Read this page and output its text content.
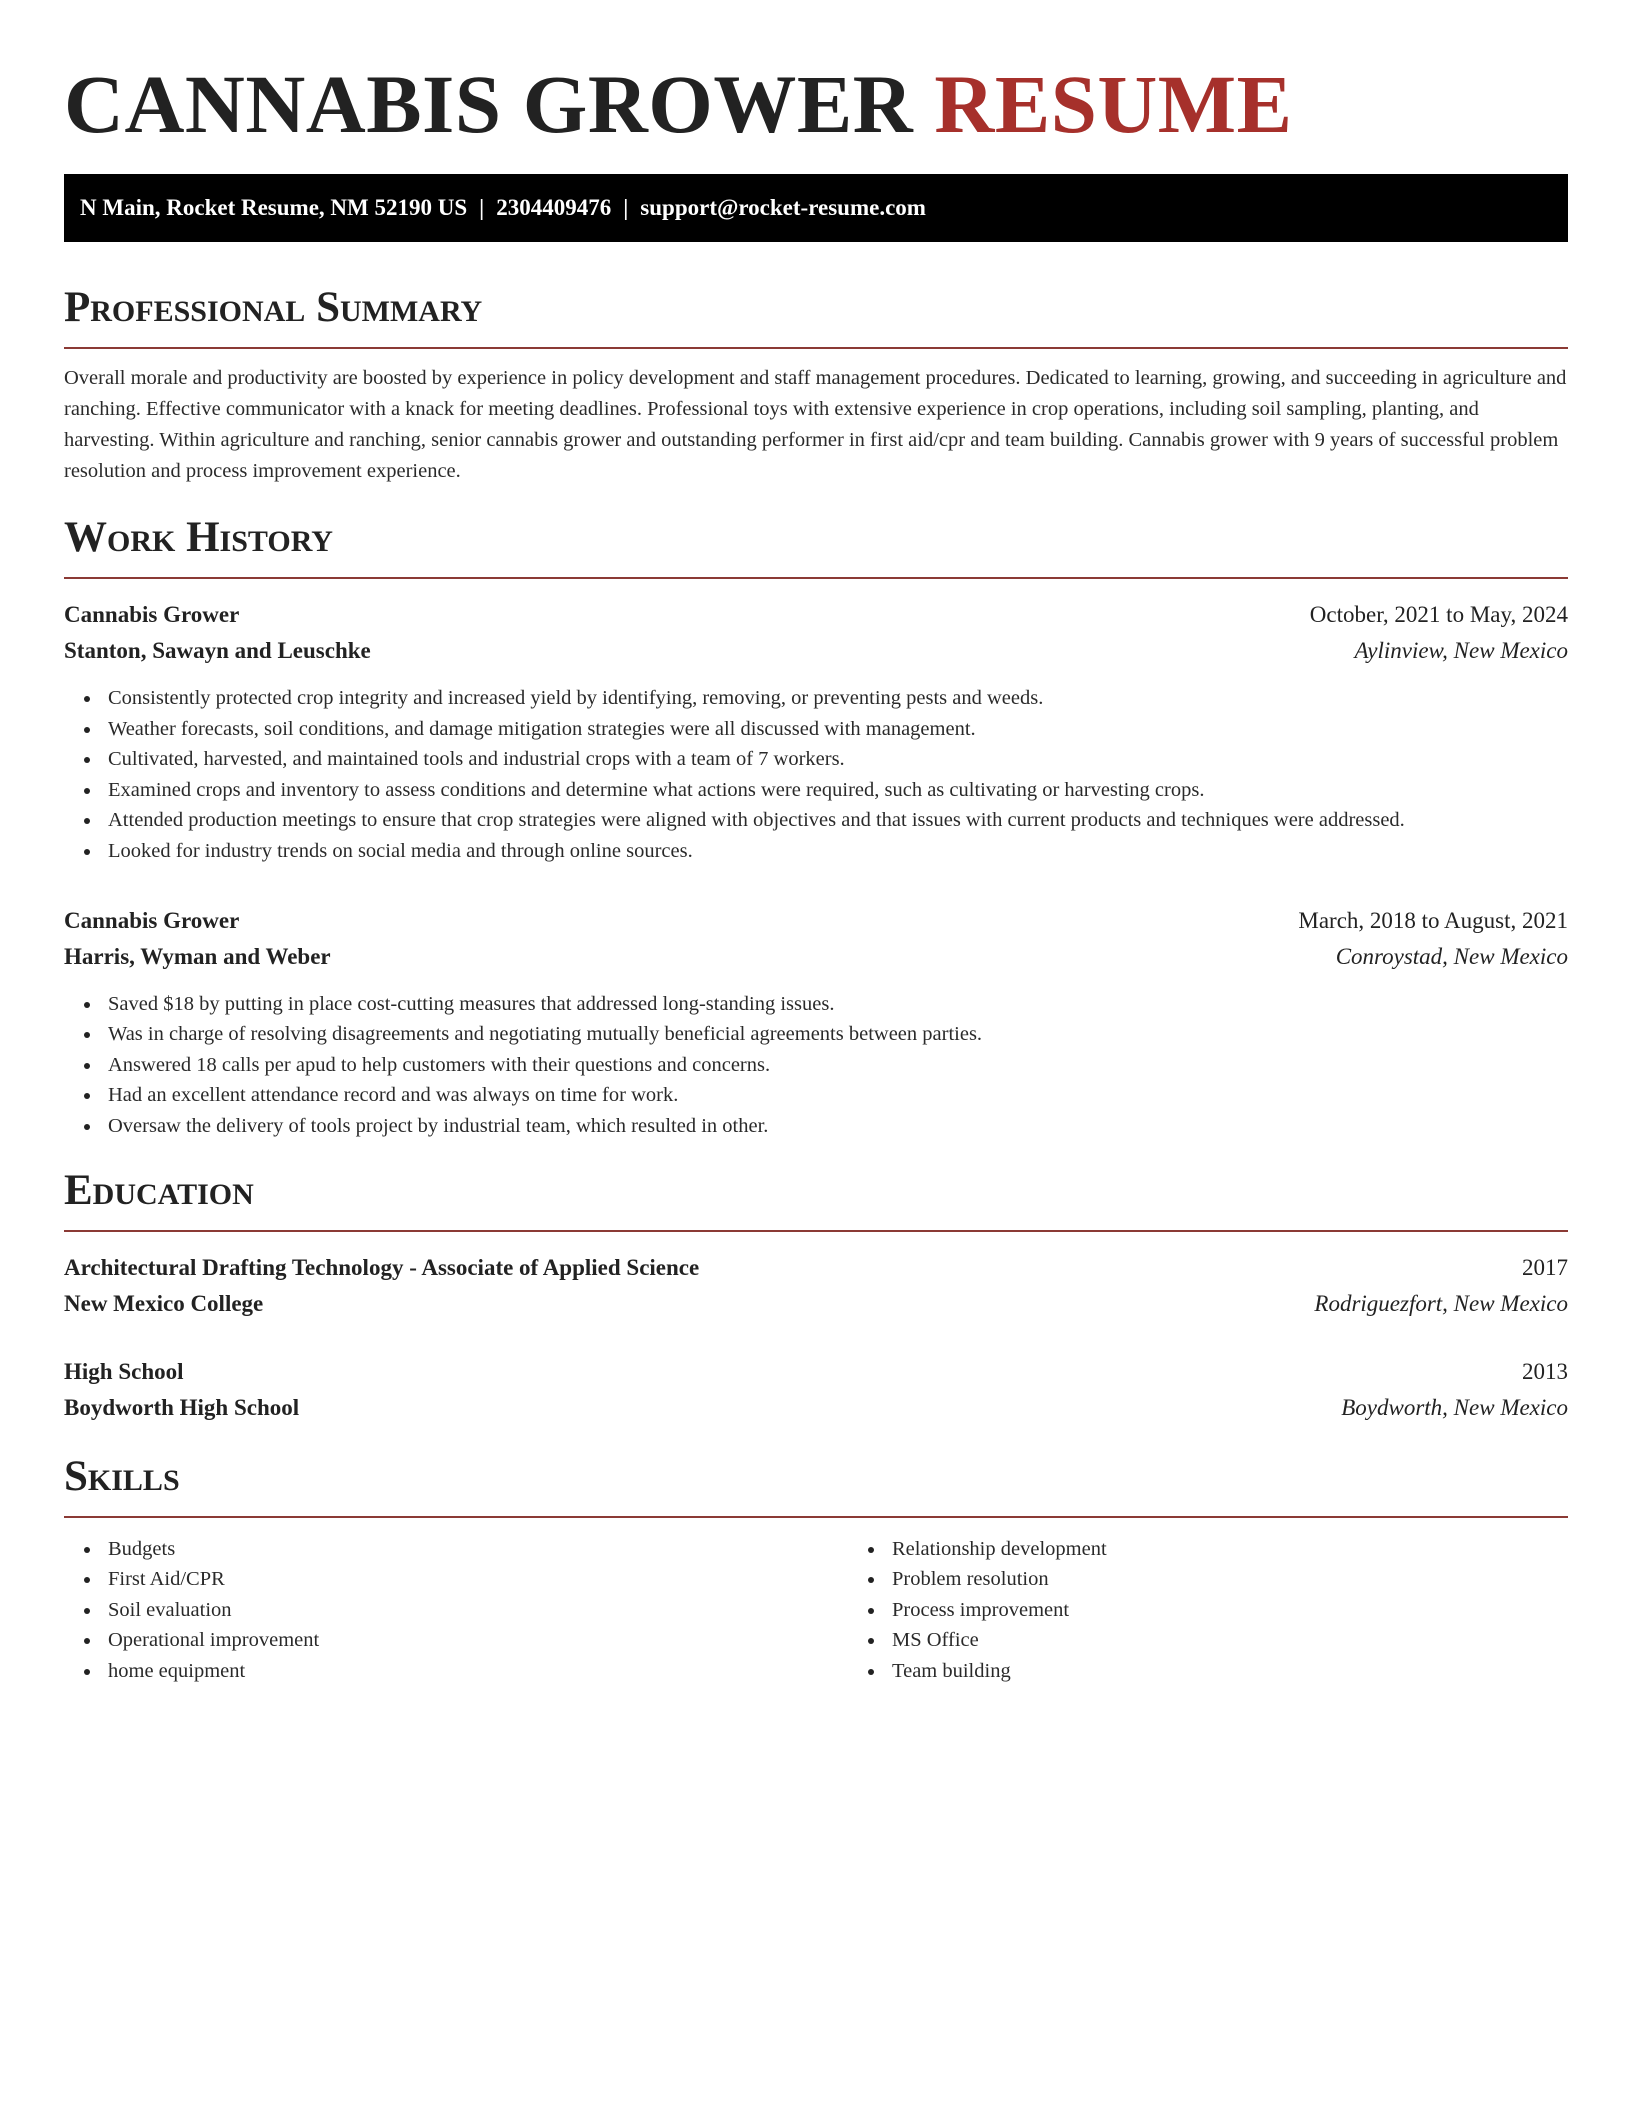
CANNABIS GROWER RESUME
N Main, Rocket Resume, NM 52190 US | 2304409476 | support@rocket-resume.com
Professional Summary

Overall morale and productivity are boosted by experience in policy development and staff management procedures. Dedicated to learning, growing, and succeeding in agriculture and ranching. Effective communicator with a knack for meeting deadlines. Professional toys with extensive experience in crop operations, including soil sampling, planting, and harvesting. Within agriculture and ranching, senior cannabis grower and outstanding performer in first aid/cpr and team building. Cannabis grower with 9 years of successful problem resolution and process improvement experience.

Work History
Cannabis Grower	October, 2021 to May, 2024
Stanton, Sawayn and Leuschke	Aylinview, New Mexico
Consistently protected crop integrity and increased yield by identifying, removing, or preventing pests and weeds.
Weather forecasts, soil conditions, and damage mitigation strategies were all discussed with management.
Cultivated, harvested, and maintained tools and industrial crops with a team of 7 workers.
Examined crops and inventory to assess conditions and determine what actions were required, such as cultivating or harvesting crops.
Attended production meetings to ensure that crop strategies were aligned with objectives and that issues with current products and techniques were addressed.
Looked for industry trends on social media and through online sources.
Cannabis Grower	March, 2018 to August, 2021
Harris, Wyman and Weber	Conroystad, New Mexico
Saved $18 by putting in place cost-cutting measures that addressed long-standing issues.
Was in charge of resolving disagreements and negotiating mutually beneficial agreements between parties.
Answered 18 calls per apud to help customers with their questions and concerns.
Had an excellent attendance record and was always on time for work.
Oversaw the delivery of tools project by industrial team, which resulted in other.
Education
Architectural Drafting Technology - Associate of Applied Science	2017
New Mexico College	Rodriguezfort, New Mexico
High School	2013
Boydworth High School	Boydworth, New Mexico
Skills
Budgets
First Aid/CPR
Soil evaluation
Operational improvement
home equipment
Relationship development
Problem resolution
Process improvement
MS Office
Team building
